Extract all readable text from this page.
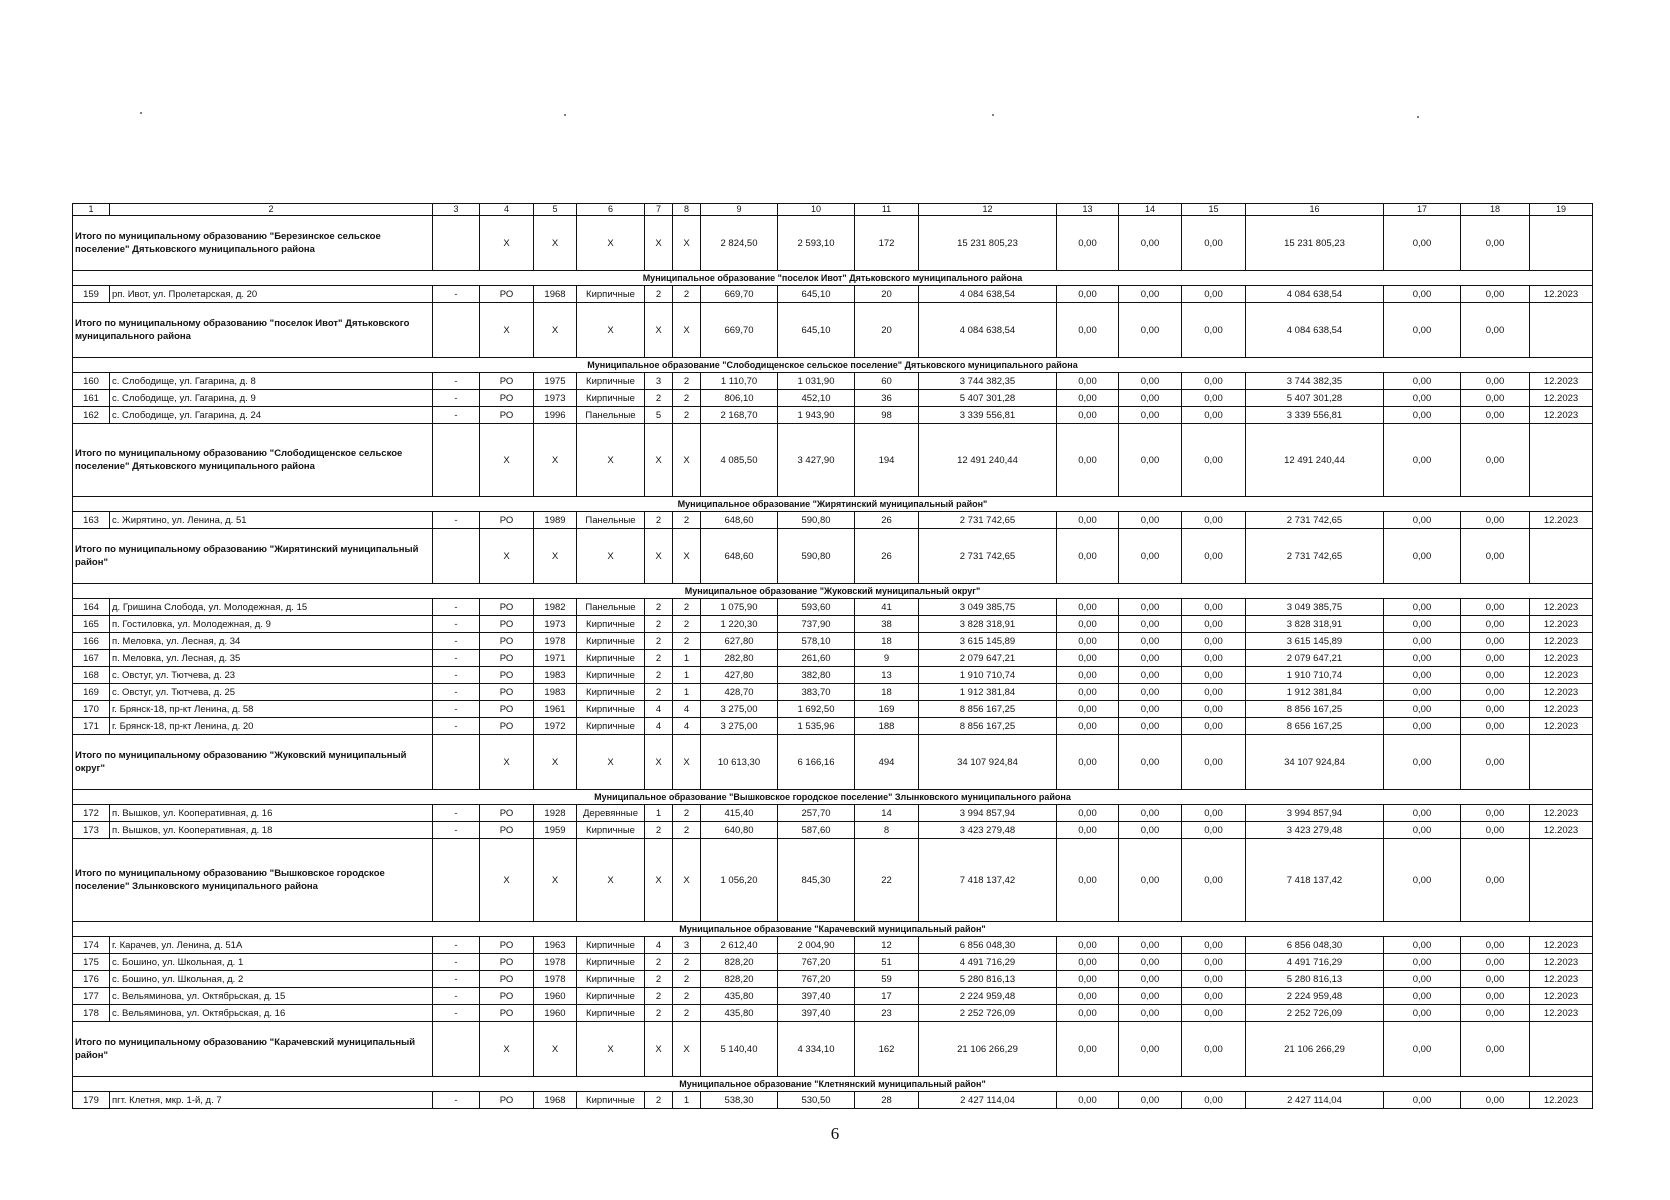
1	2	3	4	5	6	7	8	9	10	11	12	13	14	15	16	17	18	19
Итого по муниципальному образованию "Березинское сельское поселение" Дятьковского муниципального района			Х	Х	Х	Х	Х	2 824,50	2 593,10	172	15 231 805,23	0,00	0,00	0,00	15 231 805,23	0,00	0,00	
Муниципальное образование "поселок Ивот" Дятьковского муниципального района																		
159	рп. Ивот, ул. Пролетарская, д. 20	-	РО	1968	Кирпичные	2	2	669,70	645,10	20	4 084 638,54	0,00	0,00	0,00	4 084 638,54	0,00	0,00	12.2023
Итого по муниципальному образованию "поселок Ивот" Дятьковского муниципального района			Х	Х	Х	Х	Х	669,70	645,10	20	4 084 638,54	0,00	0,00	0,00	4 084 638,54	0,00	0,00	
Муниципальное образование "Слободищенское сельское поселение" Дятьковского муниципального района																		
160	с. Слободище, ул. Гагарина, д. 8	-	РО	1975	Кирпичные	3	2	1 110,70	1 031,90	60	3 744 382,35	0,00	0,00	0,00	3 744 382,35	0,00	0,00	12.2023
161	с. Слободище, ул. Гагарина, д. 9	-	РО	1973	Кирпичные	2	2	806,10	452,10	36	5 407 301,28	0,00	0,00	0,00	5 407 301,28	0,00	0,00	12.2023
162	с. Слободище, ул. Гагарина, д. 24	-	РО	1996	Панельные	5	2	2 168,70	1 943,90	98	3 339 556,81	0,00	0,00	0,00	3 339 556,81	0,00	0,00	12.2023
Итого по муниципальному образованию "Слободищенское сельское поселение" Дятьковского муниципального района			Х	Х	Х	Х	Х	4 085,50	3 427,90	194	12 491 240,44	0,00	0,00	0,00	12 491 240,44	0,00	0,00	
Муниципальное образование "Жирятинский муниципальный район"																		
163	с. Жирятино, ул. Ленина, д. 51	-	РО	1989	Панельные	2	2	648,60	590,80	26	2 731 742,65	0,00	0,00	0,00	2 731 742,65	0,00	0,00	12.2023
Итого по муниципальному образованию "Жирятинский муниципальный район"			Х	Х	Х	Х	Х	648,60	590,80	26	2 731 742,65	0,00	0,00	0,00	2 731 742,65	0,00	0,00	
Муниципальное образование "Жуковский муниципальный округ"																		
164	д. Гришина Слобода, ул. Молодежная, д. 15	-	РО	1982	Панельные	2	2	1 075,90	593,60	41	3 049 385,75	0,00	0,00	0,00	3 049 385,75	0,00	0,00	12.2023
165	п. Гостиловка, ул. Молодежная, д. 9	-	РО	1973	Кирпичные	2	2	1 220,30	737,90	38	3 828 318,91	0,00	0,00	0,00	3 828 318,91	0,00	0,00	12.2023
166	п. Меловка, ул. Лесная, д. 34	-	РО	1978	Кирпичные	2	2	627,80	578,10	18	3 615 145,89	0,00	0,00	0,00	3 615 145,89	0,00	0,00	12.2023
167	п. Меловка, ул. Лесная, д. 35	-	РО	1971	Кирпичные	2	1	282,80	261,60	9	2 079 647,21	0,00	0,00	0,00	2 079 647,21	0,00	0,00	12.2023
168	с. Овстуг, ул. Тютчева, д. 23	-	РО	1983	Кирпичные	2	1	427,80	382,80	13	1 910 710,74	0,00	0,00	0,00	1 910 710,74	0,00	0,00	12.2023
169	с. Овстуг, ул. Тютчева, д. 25	-	РО	1983	Кирпичные	2	1	428,70	383,70	18	1 912 381,84	0,00	0,00	0,00	1 912 381,84	0,00	0,00	12.2023
170	г. Брянск-18, пр-кт Ленина, д. 58	-	РО	1961	Кирпичные	4	4	3 275,00	1 692,50	169	8 856 167,25	0,00	0,00	0,00	8 856 167,25	0,00	0,00	12.2023
171	г. Брянск-18, пр-кт Ленина, д. 20	-	РО	1972	Кирпичные	4	4	3 275,00	1 535,96	188	8 856 167,25	0,00	0,00	0,00	8 656 167,25	0,00	0,00	12.2023
Итого по муниципальному образованию "Жуковский муниципальный округ"			Х	Х	Х	Х	Х	10 613,30	6 166,16	494	34 107 924,84	0,00	0,00	0,00	34 107 924,84	0,00	0,00	
Муниципальное образование "Вышковское городское поселение" Злынковского муниципального района																		
172	п. Вышков, ул. Кооперативная, д. 16	-	РО	1928	Деревянные	1	2	415,40	257,70	14	3 994 857,94	0,00	0,00	0,00	3 994 857,94	0,00	0,00	12.2023
173	п. Вышков, ул. Кооперативная, д. 18	-	РО	1959	Кирпичные	2	2	640,80	587,60	8	3 423 279,48	0,00	0,00	0,00	3 423 279,48	0,00	0,00	12.2023
Итого по муниципальному образованию "Вышковское городское поселение" Злынковского муниципального района			Х	Х	Х	Х	Х	1 056,20	845,30	22	7 418 137,42	0,00	0,00	0,00	7 418 137,42	0,00	0,00	
Муниципальное образование "Карачевский муниципальный район"																		
174	г. Карачев, ул. Ленина, д. 51А	-	РО	1963	Кирпичные	4	3	2 612,40	2 004,90	12	6 856 048,30	0,00	0,00	0,00	6 856 048,30	0,00	0,00	12.2023
175	с. Бошино, ул. Школьная, д. 1	-	РО	1978	Кирпичные	2	2	828,20	767,20	51	4 491 716,29	0,00	0,00	0,00	4 491 716,29	0,00	0,00	12.2023
176	с. Бошино, ул. Школьная, д. 2	-	РО	1978	Кирпичные	2	2	828,20	767,20	59	5 280 816,13	0,00	0,00	0,00	5 280 816,13	0,00	0,00	12.2023
177	с. Вельяминова, ул. Октябрьская, д. 15	-	РО	1960	Кирпичные	2	2	435,80	397,40	17	2 224 959,48	0,00	0,00	0,00	2 224 959,48	0,00	0,00	12.2023
178	с. Вельяминова, ул. Октябрьская, д. 16	-	РО	1960	Кирпичные	2	2	435,80	397,40	23	2 252 726,09	0,00	0,00	0,00	2 252 726,09	0,00	0,00	12.2023
Итого по муниципальному образованию "Карачевский муниципальный район"			Х	Х	Х	Х	Х	5 140,40	4 334,10	162	21 106 266,29	0,00	0,00	0,00	21 106 266,29	0,00	0,00	
Муниципальное образование "Клетнянский муниципальный район"																		
179	пгт. Клетня, мкр. 1-й, д. 7	-	РО	1968	Кирпичные	2	1	538,30	530,50	28	2 427 114,04	0,00	0,00	0,00	2 427 114,04	0,00	0,00	12.2023
6
